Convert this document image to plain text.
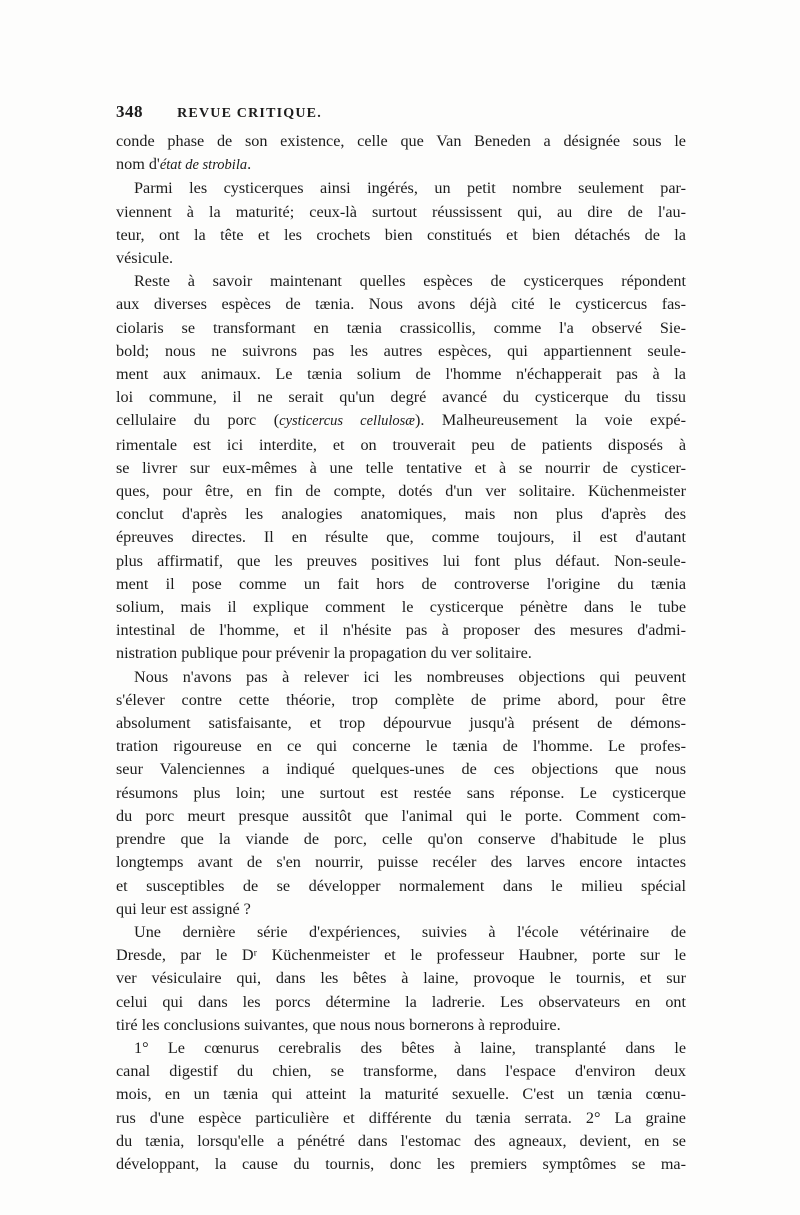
348 REVUE CRITIQUE.
conde phase de son existence, celle que Van Beneden a désignée sous le
nom d'état de strobila.
Parmi les cysticerques ainsi ingérés, un petit nombre seulement par-
viennent à la maturité; ceux-là surtout réussissent qui, au dire de l'au-
teur, ont la tête et les crochets bien constitués et bien détachés de la
vésicule.
Reste à savoir maintenant quelles espèces de cysticerques répondent
aux diverses espèces de tænia. Nous avons déjà cité le cysticercus fas-
ciolaris se transformant en tænia crassicollis, comme l'a observé Sie-
bold; nous ne suivrons pas les autres espèces, qui appartiennent seule-
ment aux animaux. Le tænia solium de l'homme n'échapperait pas à la
loi commune, il ne serait qu'un degré avancé du cysticerque du tissu
cellulaire du porc (cysticercus cellulosæ). Malheureusement la voie expé-
rimentale est ici interdite, et on trouverait peu de patients disposés à
se livrer sur eux-mêmes à une telle tentative et à se nourrir de cysticer-
ques, pour être, en fin de compte, dotés d'un ver solitaire. Küchenmeister
conclut d'après les analogies anatomiques, mais non plus d'après des
épreuves directes. Il en résulte que, comme toujours, il est d'autant
plus affirmatif, que les preuves positives lui font plus défaut. Non-seule-
ment il pose comme un fait hors de controverse l'origine du tænia
solium, mais il explique comment le cysticerque pénètre dans le tube
intestinal de l'homme, et il n'hésite pas à proposer des mesures d'admi-
nistration publique pour prévenir la propagation du ver solitaire.
Nous n'avons pas à relever ici les nombreuses objections qui peuvent
s'élever contre cette théorie, trop complète de prime abord, pour être
absolument satisfaisante, et trop dépourvue jusqu'à présent de démons-
tration rigoureuse en ce qui concerne le tænia de l'homme. Le profes-
seur Valenciennes a indiqué quelques-unes de ces objections que nous
résumons plus loin; une surtout est restée sans réponse. Le cysticerque
du porc meurt presque aussitôt que l'animal qui le porte. Comment com-
prendre que la viande de porc, celle qu'on conserve d'habitude le plus
longtemps avant de s'en nourrir, puisse recéler des larves encore intactes
et susceptibles de se développer normalement dans le milieu spécial
qui leur est assigné ?
Une dernière série d'expériences, suivies à l'école vétérinaire de
Dresde, par le Dʳ Küchenmeister et le professeur Haubner, porte sur le
ver vésiculaire qui, dans les bêtes à laine, provoque le tournis, et sur
celui qui dans les porcs détermine la ladrerie. Les observateurs en ont
tiré les conclusions suivantes, que nous nous bornerons à reproduire.
1° Le cœnurus cerebralis des bêtes à laine, transplanté dans le
canal digestif du chien, se transforme, dans l'espace d'environ deux
mois, en un tænia qui atteint la maturité sexuelle. C'est un tænia cœnu-
rus d'une espèce particulière et différente du tænia serrata. 2° La graine
du tænia, lorsqu'elle a pénétré dans l'estomac des agneaux, devient, en se
développant, la cause du tournis, donc les premiers symptômes se ma-
